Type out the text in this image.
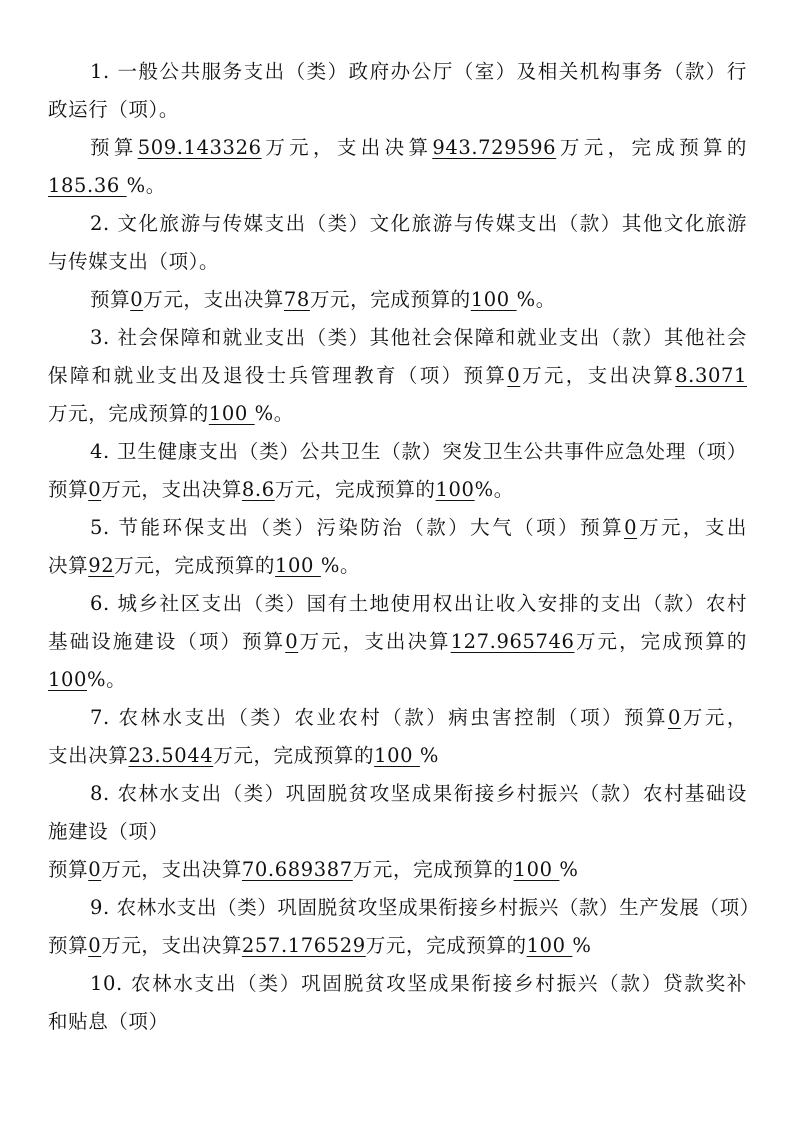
1. 一般公共服务支出（类）政府办公厅（室）及相关机构事务（款）行
政运行（项）。
预算509.143326万元，支出决算943.729596万元，完成预算的
185.36 %。
2. 文化旅游与传媒支出（类）文化旅游与传媒支出（款）其他文化旅游
与传媒支出（项）。
预算0万元，支出决算78万元，完成预算的100 %。
3. 社会保障和就业支出（类）其他社会保障和就业支出（款）其他社会
保障和就业支出及退役士兵管理教育（项）预算0万元，支出决算8.3071
万元，完成预算的100 %。
4. 卫生健康支出（类）公共卫生（款）突发卫生公共事件应急处理（项）
预算0万元，支出决算8.6万元，完成预算的100%。
5. 节能环保支出（类）污染防治（款）大气（项）预算0万元，支出
决算92万元，完成预算的100 %。
6. 城乡社区支出（类）国有土地使用权出让收入安排的支出（款）农村
基础设施建设（项）预算0万元，支出决算127.965746万元，完成预算的
100%。
7. 农林水支出（类）农业农村（款）病虫害控制（项）预算0万元，
支出决算23.5044万元，完成预算的100 %
8. 农林水支出（类）巩固脱贫攻坚成果衔接乡村振兴（款）农村基础设
施建设（项）
预算0万元，支出决算70.689387万元，完成预算的100 %
9. 农林水支出（类）巩固脱贫攻坚成果衔接乡村振兴（款）生产发展（项）
预算0万元，支出决算257.176529万元，完成预算的100 %
10. 农林水支出（类）巩固脱贫攻坚成果衔接乡村振兴（款）贷款奖补
和贴息（项）
